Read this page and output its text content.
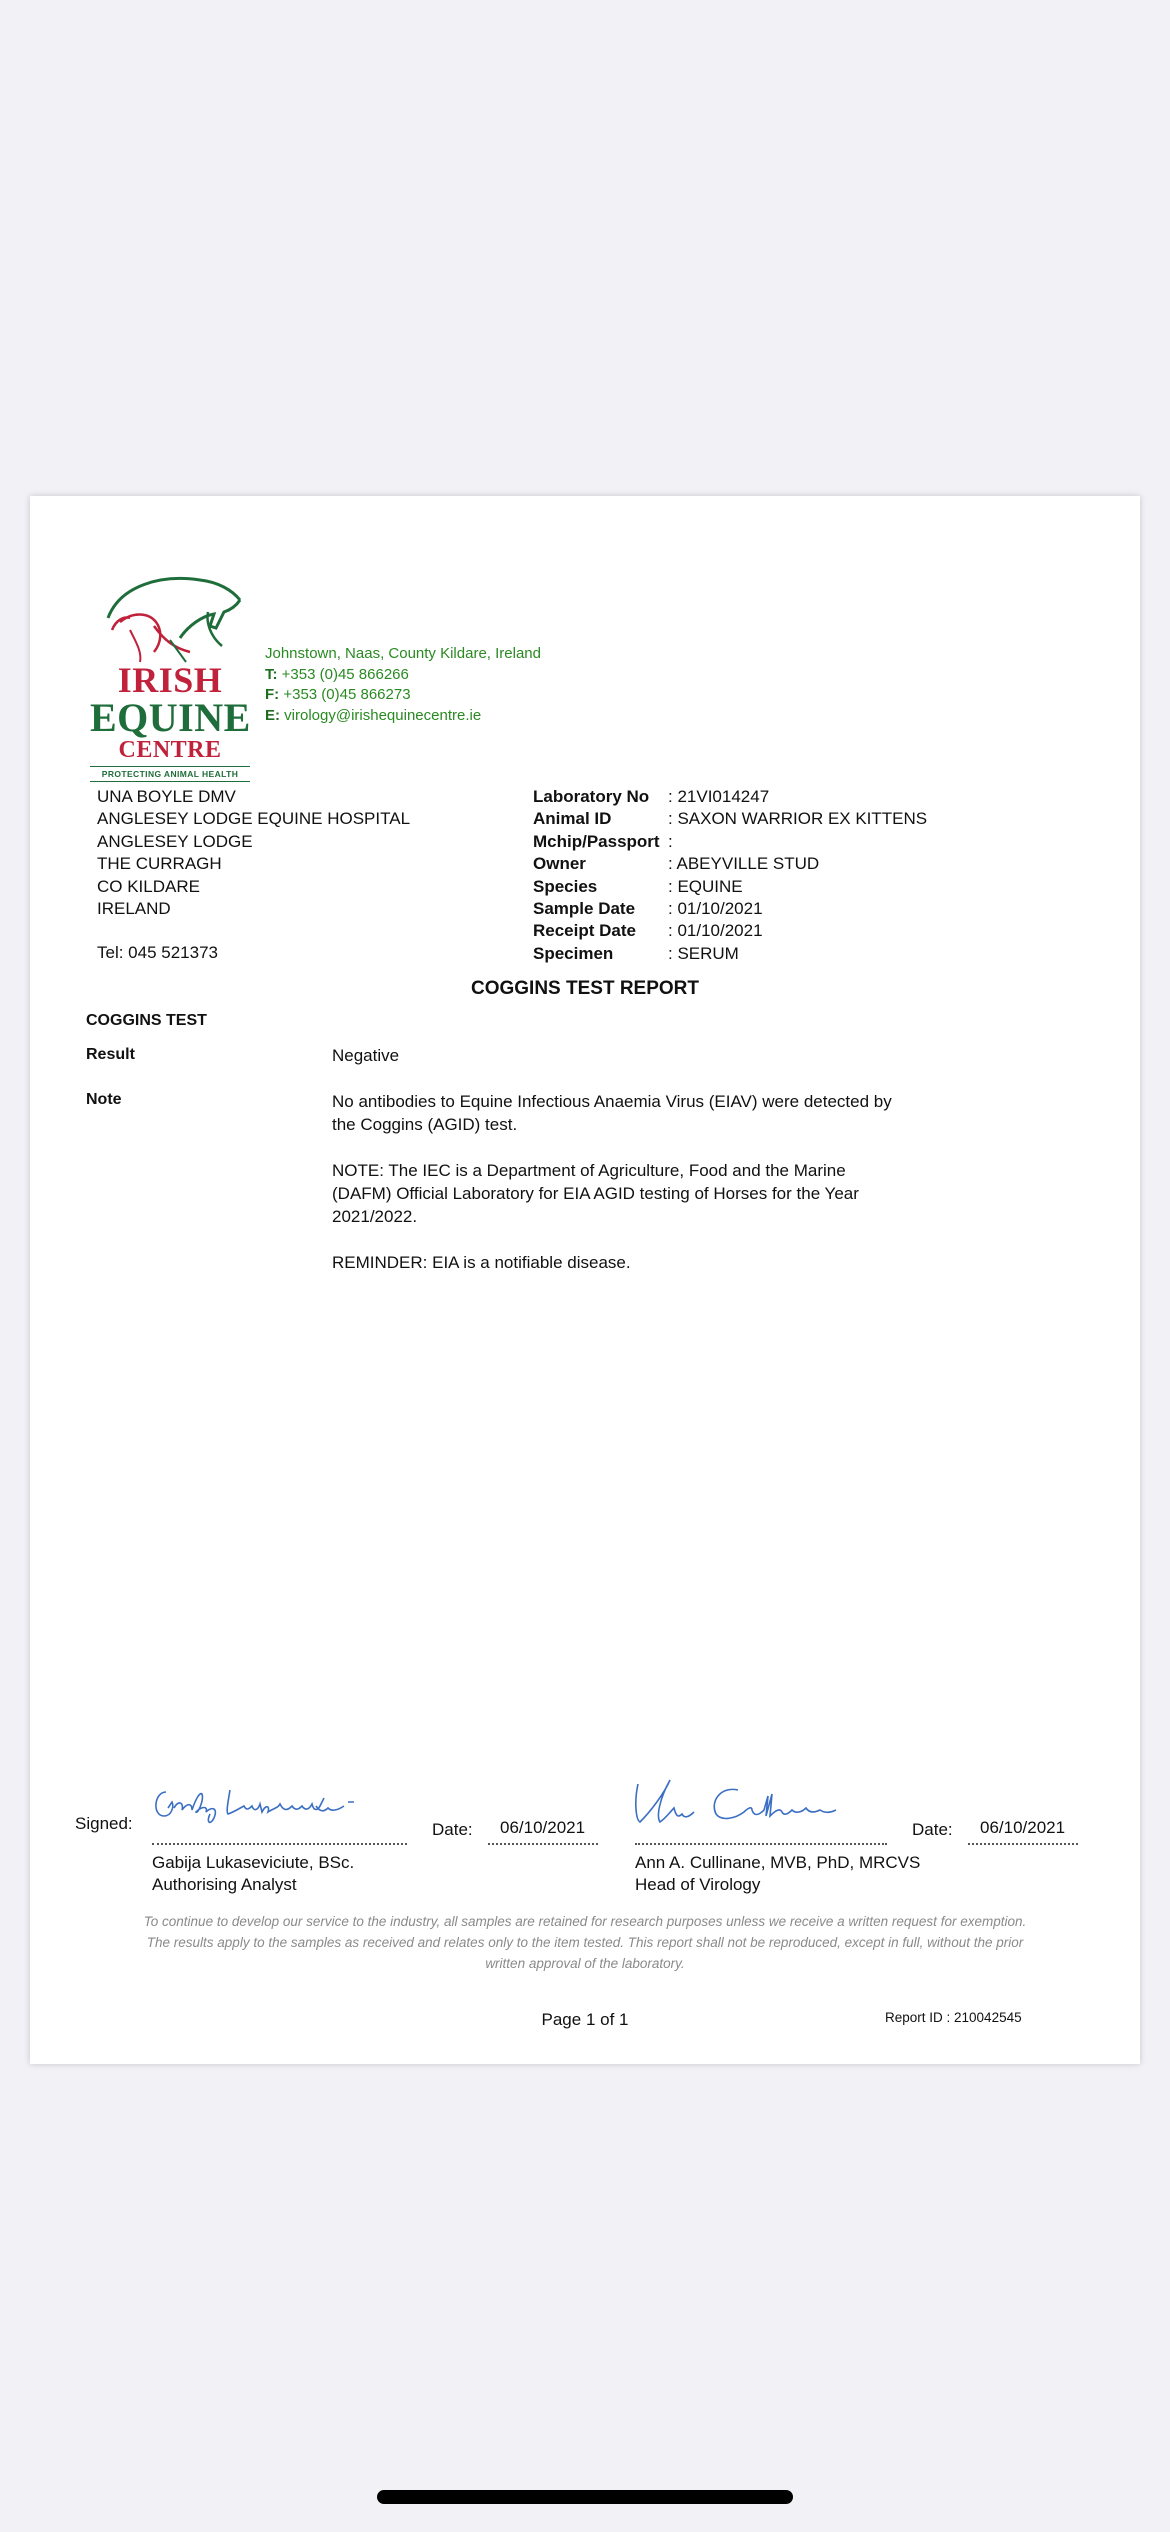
IRISH
EQUINE
CENTRE
PROTECTING ANIMAL HEALTH
Johnstown, Naas, County Kildare, Ireland
T: +353 (0)45 866266
F: +353 (0)45 866273
E: virology@irishequinecentre.ie
UNA BOYLE DMV
ANGLESEY LODGE EQUINE HOSPITAL
ANGLESEY LODGE
THE CURRAGH
CO KILDARE
IRELAND
Tel: 045 521373
Laboratory No	: 21VI014247
Animal ID	: SAXON WARRIOR EX KITTENS
Mchip/Passport :
Owner	: ABEYVILLE STUD
Species	: EQUINE
Sample Date	: 01/10/2021
Receipt Date	: 01/10/2021
Specimen	: SERUM
COGGINS TEST REPORT
COGGINS TEST
Result	Negative
Note	No antibodies to Equine Infectious Anaemia Virus (EIAV) were detected by the Coggins (AGID) test.

NOTE: The IEC is a Department of Agriculture, Food and the Marine (DAFM) Official Laboratory for EIA AGID testing of Horses for the Year 2021/2022.

REMINDER: EIA is a notifiable disease.

Signed:	Date: 06/10/2021
Gabija Lukaseviciute, BSc.
Authorising Analyst
Date: 06/10/2021
Ann A. Cullinane, MVB, PhD, MRCVS
Head of Virology
To continue to develop our service to the industry, all samples are retained for research purposes unless we receive a written request for exemption.
The results apply to the samples as received and relates only to the item tested. This report shall not be reproduced, except in full, without the prior written approval of the laboratory.
Page 1 of 1	Report ID : 210042545
